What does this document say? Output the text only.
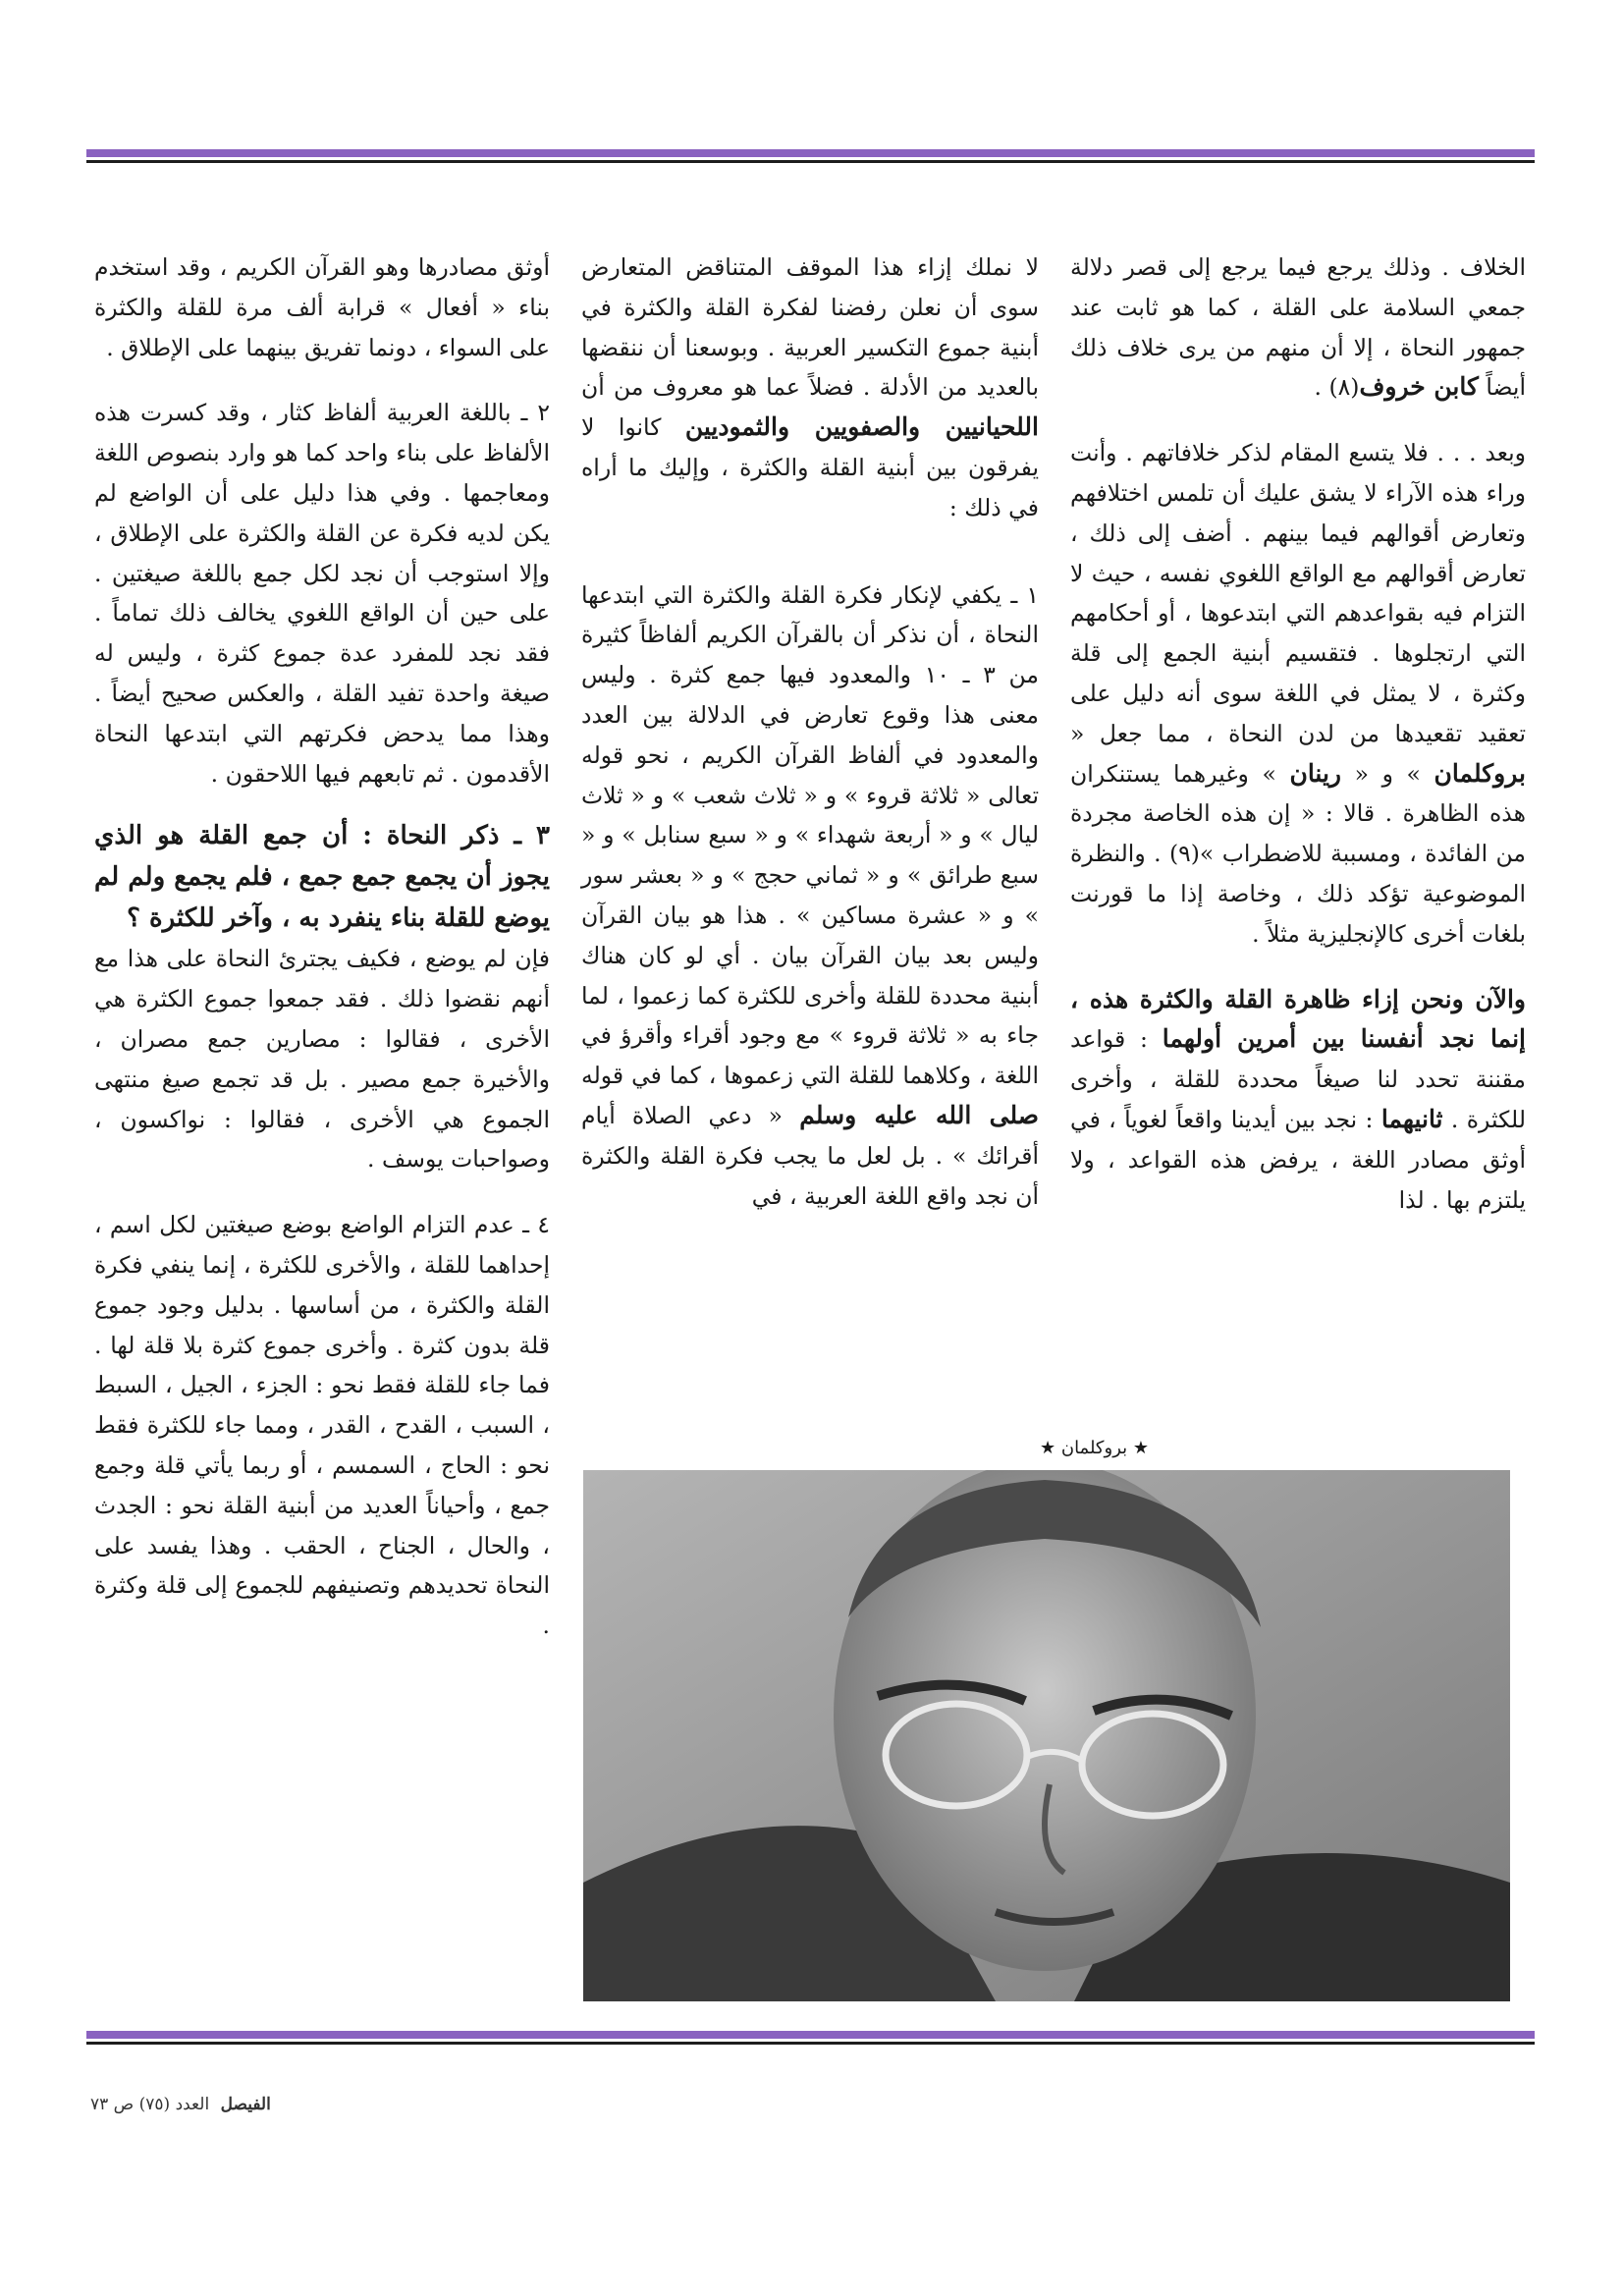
الخلاف . وذلك يرجع فيما يرجع إلى قصر دلالة جمعي السلامة على القلة ، كما هو ثابت عند جمهور النحاة ، إلا أن منهم من يرى خلاف ذلك أيضاً كابن خروف(٨) .

وبعد . . . فلا يتسع المقام لذكر خلافاتهم . وأنت وراء هذه الآراء لا يشق عليك أن تلمس اختلافهم وتعارض أقوالهم فيما بينهم . أضف إلى ذلك ، تعارض أقوالهم مع الواقع اللغوي نفسه ، حيث لا التزام فيه بقواعدهم التي ابتدعوها ، أو أحكامهم التي ارتجلوها . فتقسيم أبنية الجمع إلى قلة وكثرة ، لا يمثل في اللغة سوى أنه دليل على تعقيد تقعيدها من لدن النحاة ، مما جعل « بروكلمان » و « رينان » وغيرهما يستنكران هذه الظاهرة . قالا : « إن هذه الخاصة مجردة من الفائدة ، ومسببة للاضطراب »(٩) . والنظرة الموضوعية تؤكد ذلك ، وخاصة إذا ما قورنت بلغات أخرى كالإنجليزية مثلاً .

والآن ونحن إزاء ظاهرة القلة والكثرة هذه ، إنما نجد أنفسنا بين أمرين أولهما : قواعد مقننة تحدد لنا صيغاً محددة للقلة ، وأخرى للكثرة . ثانيهما : نجد بين أيدينا واقعاً لغوياً ، في أوثق مصادر اللغة ، يرفض هذه القواعد ، ولا يلتزم بها . لذا

لا نملك إزاء هذا الموقف المتناقض المتعارض سوى أن نعلن رفضنا لفكرة القلة والكثرة في أبنية جموع التكسير العربية . وبوسعنا أن ننقضها بالعديد من الأدلة . فضلاً عما هو معروف من أن اللحيانيين والصفويين والثموديين كانوا لا يفرقون بين أبنية القلة والكثرة ، وإليك ما أراه في ذلك :

١ ـ يكفي لإنكار فكرة القلة والكثرة التي ابتدعها النحاة ، أن نذكر أن بالقرآن الكريم ألفاظاً كثيرة من ٣ ـ ١٠ والمعدود فيها جمع كثرة . وليس معنى هذا وقوع تعارض في الدلالة بين العدد والمعدود في ألفاظ القرآن الكريم ، نحو قوله تعالى « ثلاثة قروء » و « ثلاث شعب » و « ثلاث ليال » و « أربعة شهداء » و « سبع سنابل » و « سبع طرائق » و « ثماني حجج » و « بعشر سور » و « عشرة مساكين » . هذا هو بيان القرآن وليس بعد بيان القرآن بيان . أي لو كان هناك أبنية محددة للقلة وأخرى للكثرة كما زعموا ، لما جاء به « ثلاثة قروء » مع وجود أقراء وأقرؤ في اللغة ، وكلاهما للقلة التي زعموها ، كما في قوله صلى الله عليه وسلم « دعي الصلاة أيام أقرائك » . بل لعل ما يجب فكرة القلة والكثرة أن نجد واقع اللغة العربية ، في

أوثق مصادرها وهو القرآن الكريم ، وقد استخدم بناء « أفعال » قرابة ألف مرة للقلة والكثرة على السواء ، دونما تفريق بينهما على الإطلاق .

٢ ـ باللغة العربية ألفاظ كثار ، وقد كسرت هذه الألفاظ على بناء واحد كما هو وارد بنصوص اللغة ومعاجمها . وفي هذا دليل على أن الواضع لم يكن لديه فكرة عن القلة والكثرة على الإطلاق ، وإلا استوجب أن نجد لكل جمع باللغة صيغتين . على حين أن الواقع اللغوي يخالف ذلك تماماً . فقد نجد للمفرد عدة جموع كثرة ، وليس له صيغة واحدة تفيد القلة ، والعكس صحيح أيضاً . وهذا مما يدحض فكرتهم التي ابتدعها النحاة الأقدمون . ثم تابعهم فيها اللاحقون .

٣ ـ ذكر النحاة : أن جمع القلة هو الذي يجوز أن يجمع جمع جمع ، فلم يجمع ولم لم يوضع للقلة بناء ينفرد به ، وآخر للكثرة ؟

فإن لم يوضع ، فكيف يجترئ النحاة على هذا مع أنهم نقضوا ذلك . فقد جمعوا جموع الكثرة هي الأخرى ، فقالوا : مصارين جمع مصران ، والأخيرة جمع مصير . بل قد تجمع صيغ منتهى الجموع هي الأخرى ، فقالوا : نواكسون ، وصواحبات يوسف .

٤ ـ عدم التزام الواضع بوضع صيغتين لكل اسم ، إحداهما للقلة ، والأخرى للكثرة ، إنما ينفي فكرة القلة والكثرة ، من أساسها . بدليل وجود جموع قلة بدون كثرة . وأخرى جموع كثرة بلا قلة لها . فما جاء للقلة فقط نحو : الجزء ، الجيل ، السبط ، السبب ، القدح ، القدر ، ومما جاء للكثرة فقط نحو : الحاج ، السمسم ، أو ربما يأتي قلة وجمع جمع ، وأحياناً العديد من أبنية القلة نحو : الجدث ، والحال ، الجناح ، الحقب . وهذا يفسد على النحاة تحديدهم وتصنيفهم للجموع إلى قلة وكثرة .

★ بروكلمان ★
الفيصل العدد (٧٥) ص ٧٣
